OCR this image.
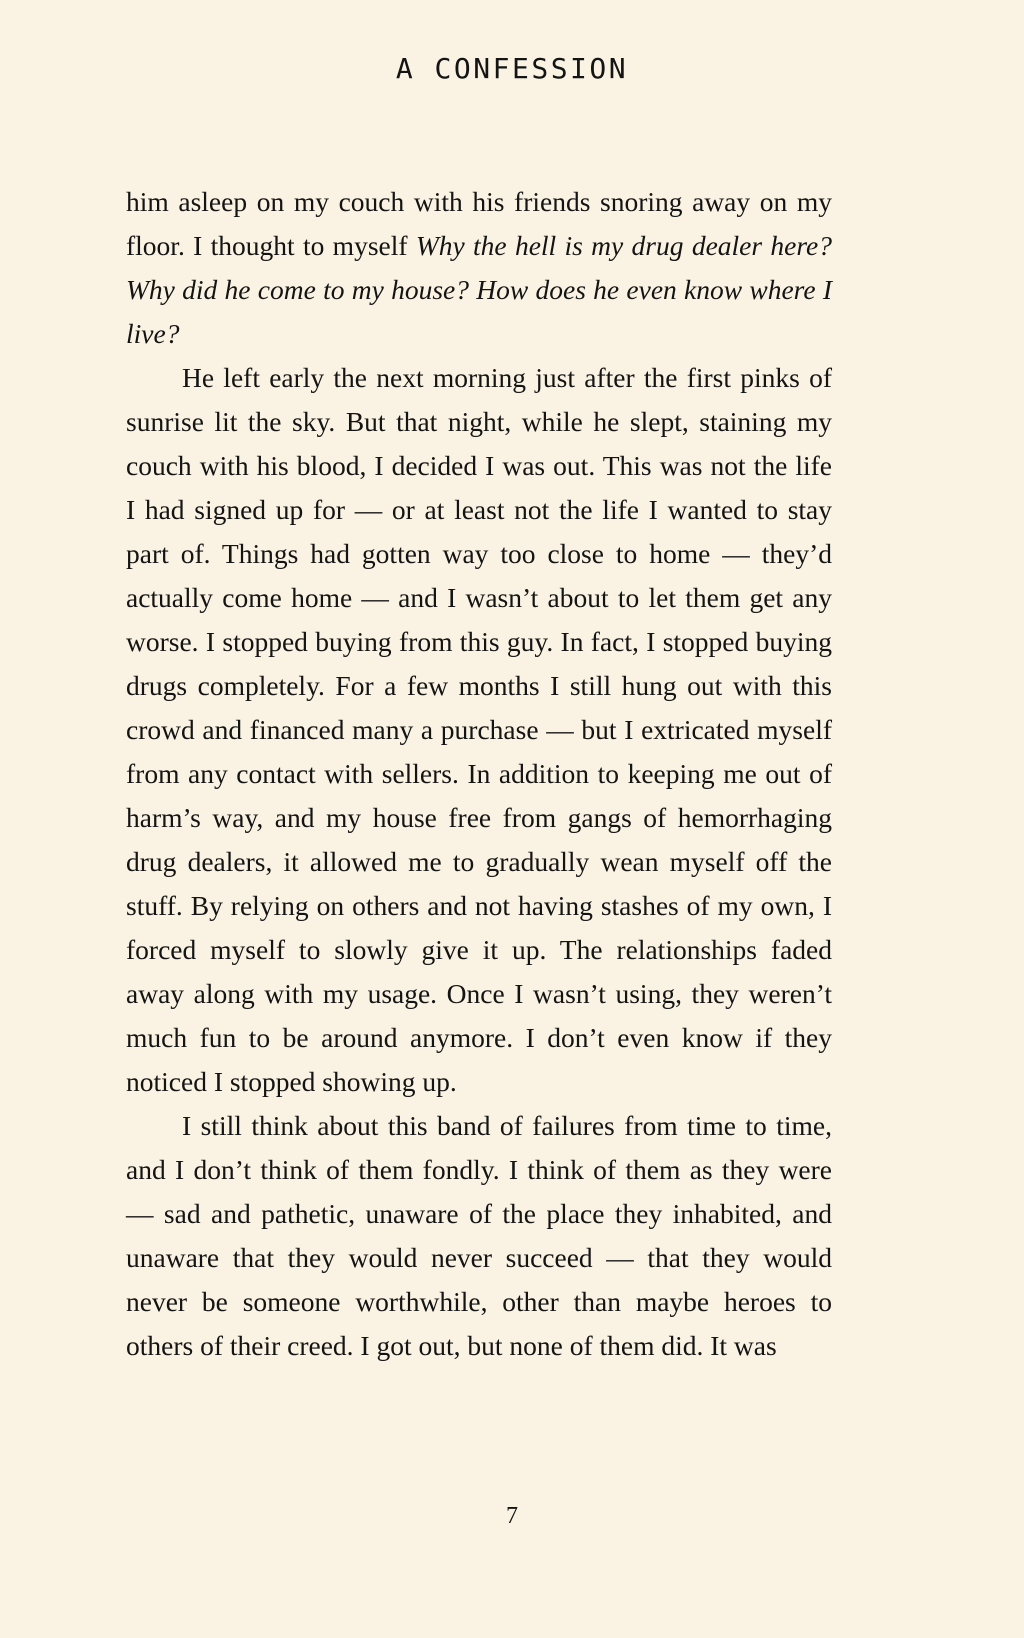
A CONFESSION

him asleep on my couch with his friends snoring away on my floor. I thought to myself Why the hell is my drug dealer here? Why did he come to my house? How does he even know where I live?

He left early the next morning just after the first pinks of sunrise lit the sky. But that night, while he slept, staining my couch with his blood, I decided I was out. This was not the life I had signed up for — or at least not the life I wanted to stay part of. Things had gotten way too close to home — they’d actually come home — and I wasn’t about to let them get any worse. I stopped buying from this guy. In fact, I stopped buying drugs completely. For a few months I still hung out with this crowd and financed many a purchase — but I extricated myself from any contact with sellers. In addition to keeping me out of harm’s way, and my house free from gangs of hemorrhaging drug dealers, it allowed me to gradually wean myself off the stuff. By relying on others and not having stashes of my own, I forced myself to slowly give it up. The relationships faded away along with my usage. Once I wasn’t using, they weren’t much fun to be around anymore. I don’t even know if they noticed I stopped showing up.

I still think about this band of failures from time to time, and I don’t think of them fondly. I think of them as they were — sad and pathetic, unaware of the place they inhabited, and unaware that they would never succeed — that they would never be someone worthwhile, other than maybe heroes to others of their creed. I got out, but none of them did. It was

7
